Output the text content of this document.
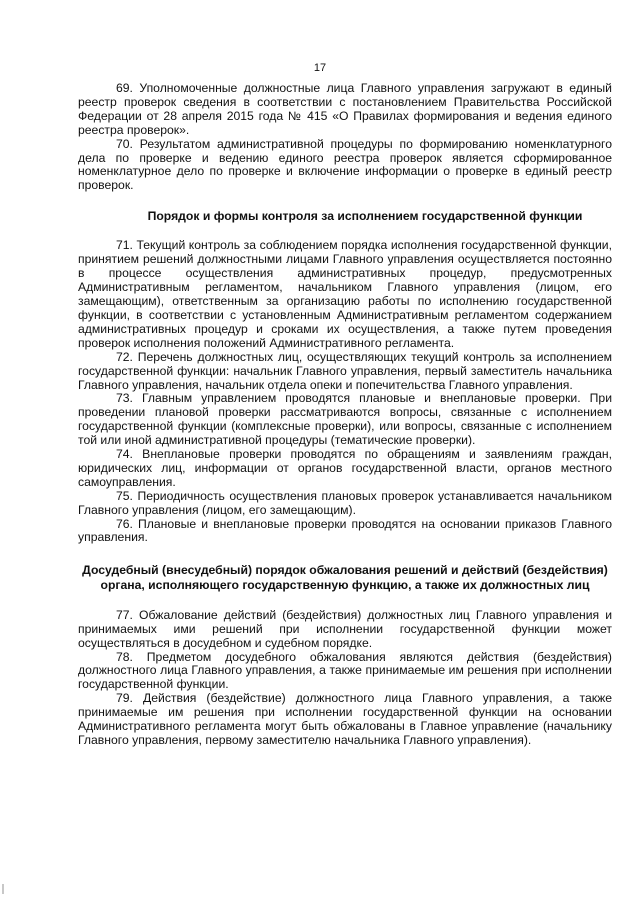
17

69. Уполномоченные должностные лица Главного управления загружают в единый реестр проверок сведения в соответствии с постановлением Правительства Российской Федерации от 28 апреля 2015 года № 415 «О Правилах формирования и ведения единого реестра проверок».

70. Результатом административной процедуры по формированию номенклатурного дела по проверке и ведению единого реестра проверок является сформированное номенклатурное дело по проверке и включение информации о проверке в единый реестр проверок.

Порядок и формы контроля за исполнением государственной функции

71. Текущий контроль за соблюдением порядка исполнения государственной функции, принятием решений должностными лицами Главного управления осуществляется постоянно в процессе осуществления административных процедур, предусмотренных Административным регламентом, начальником Главного управления (лицом, его замещающим), ответственным за организацию работы по исполнению государственной функции, в соответствии с установленным Административным регламентом содержанием административных процедур и сроками их осуществления, а также путем проведения проверок исполнения положений Административного регламента.

72. Перечень должностных лиц, осуществляющих текущий контроль за исполнением государственной функции: начальник Главного управления, первый заместитель начальника Главного управления, начальник отдела опеки и попечительства Главного управления.

73. Главным управлением проводятся плановые и внеплановые проверки. При проведении плановой проверки рассматриваются вопросы, связанные с исполнением государственной функции (комплексные проверки), или вопросы, связанные с исполнением той или иной административной процедуры (тематические проверки).

74. Внеплановые проверки проводятся по обращениям и заявлениям граждан, юридических лиц, информации от органов государственной власти, органов местного самоуправления.

75. Периодичность осуществления плановых проверок устанавливается начальником Главного управления (лицом, его замещающим).

76. Плановые и внеплановые проверки проводятся на основании приказов Главного управления.

Досудебный (внесудебный) порядок обжалования решений и действий (бездействия) органа, исполняющего государственную функцию, а также их должностных лиц

77. Обжалование действий (бездействия) должностных лиц Главного управления и принимаемых ими решений при исполнении государственной функции может осуществляться в досудебном и судебном порядке.

78. Предметом досудебного обжалования являются действия (бездействия) должностного лица Главного управления, а также принимаемые им решения при исполнении государственной функции.

79. Действия (бездействие) должностного лица Главного управления, а также принимаемые им решения при исполнении государственной функции на основании Административного регламента могут быть обжалованы в Главное управление (начальнику Главного управления, первому заместителю начальника Главного управления).
